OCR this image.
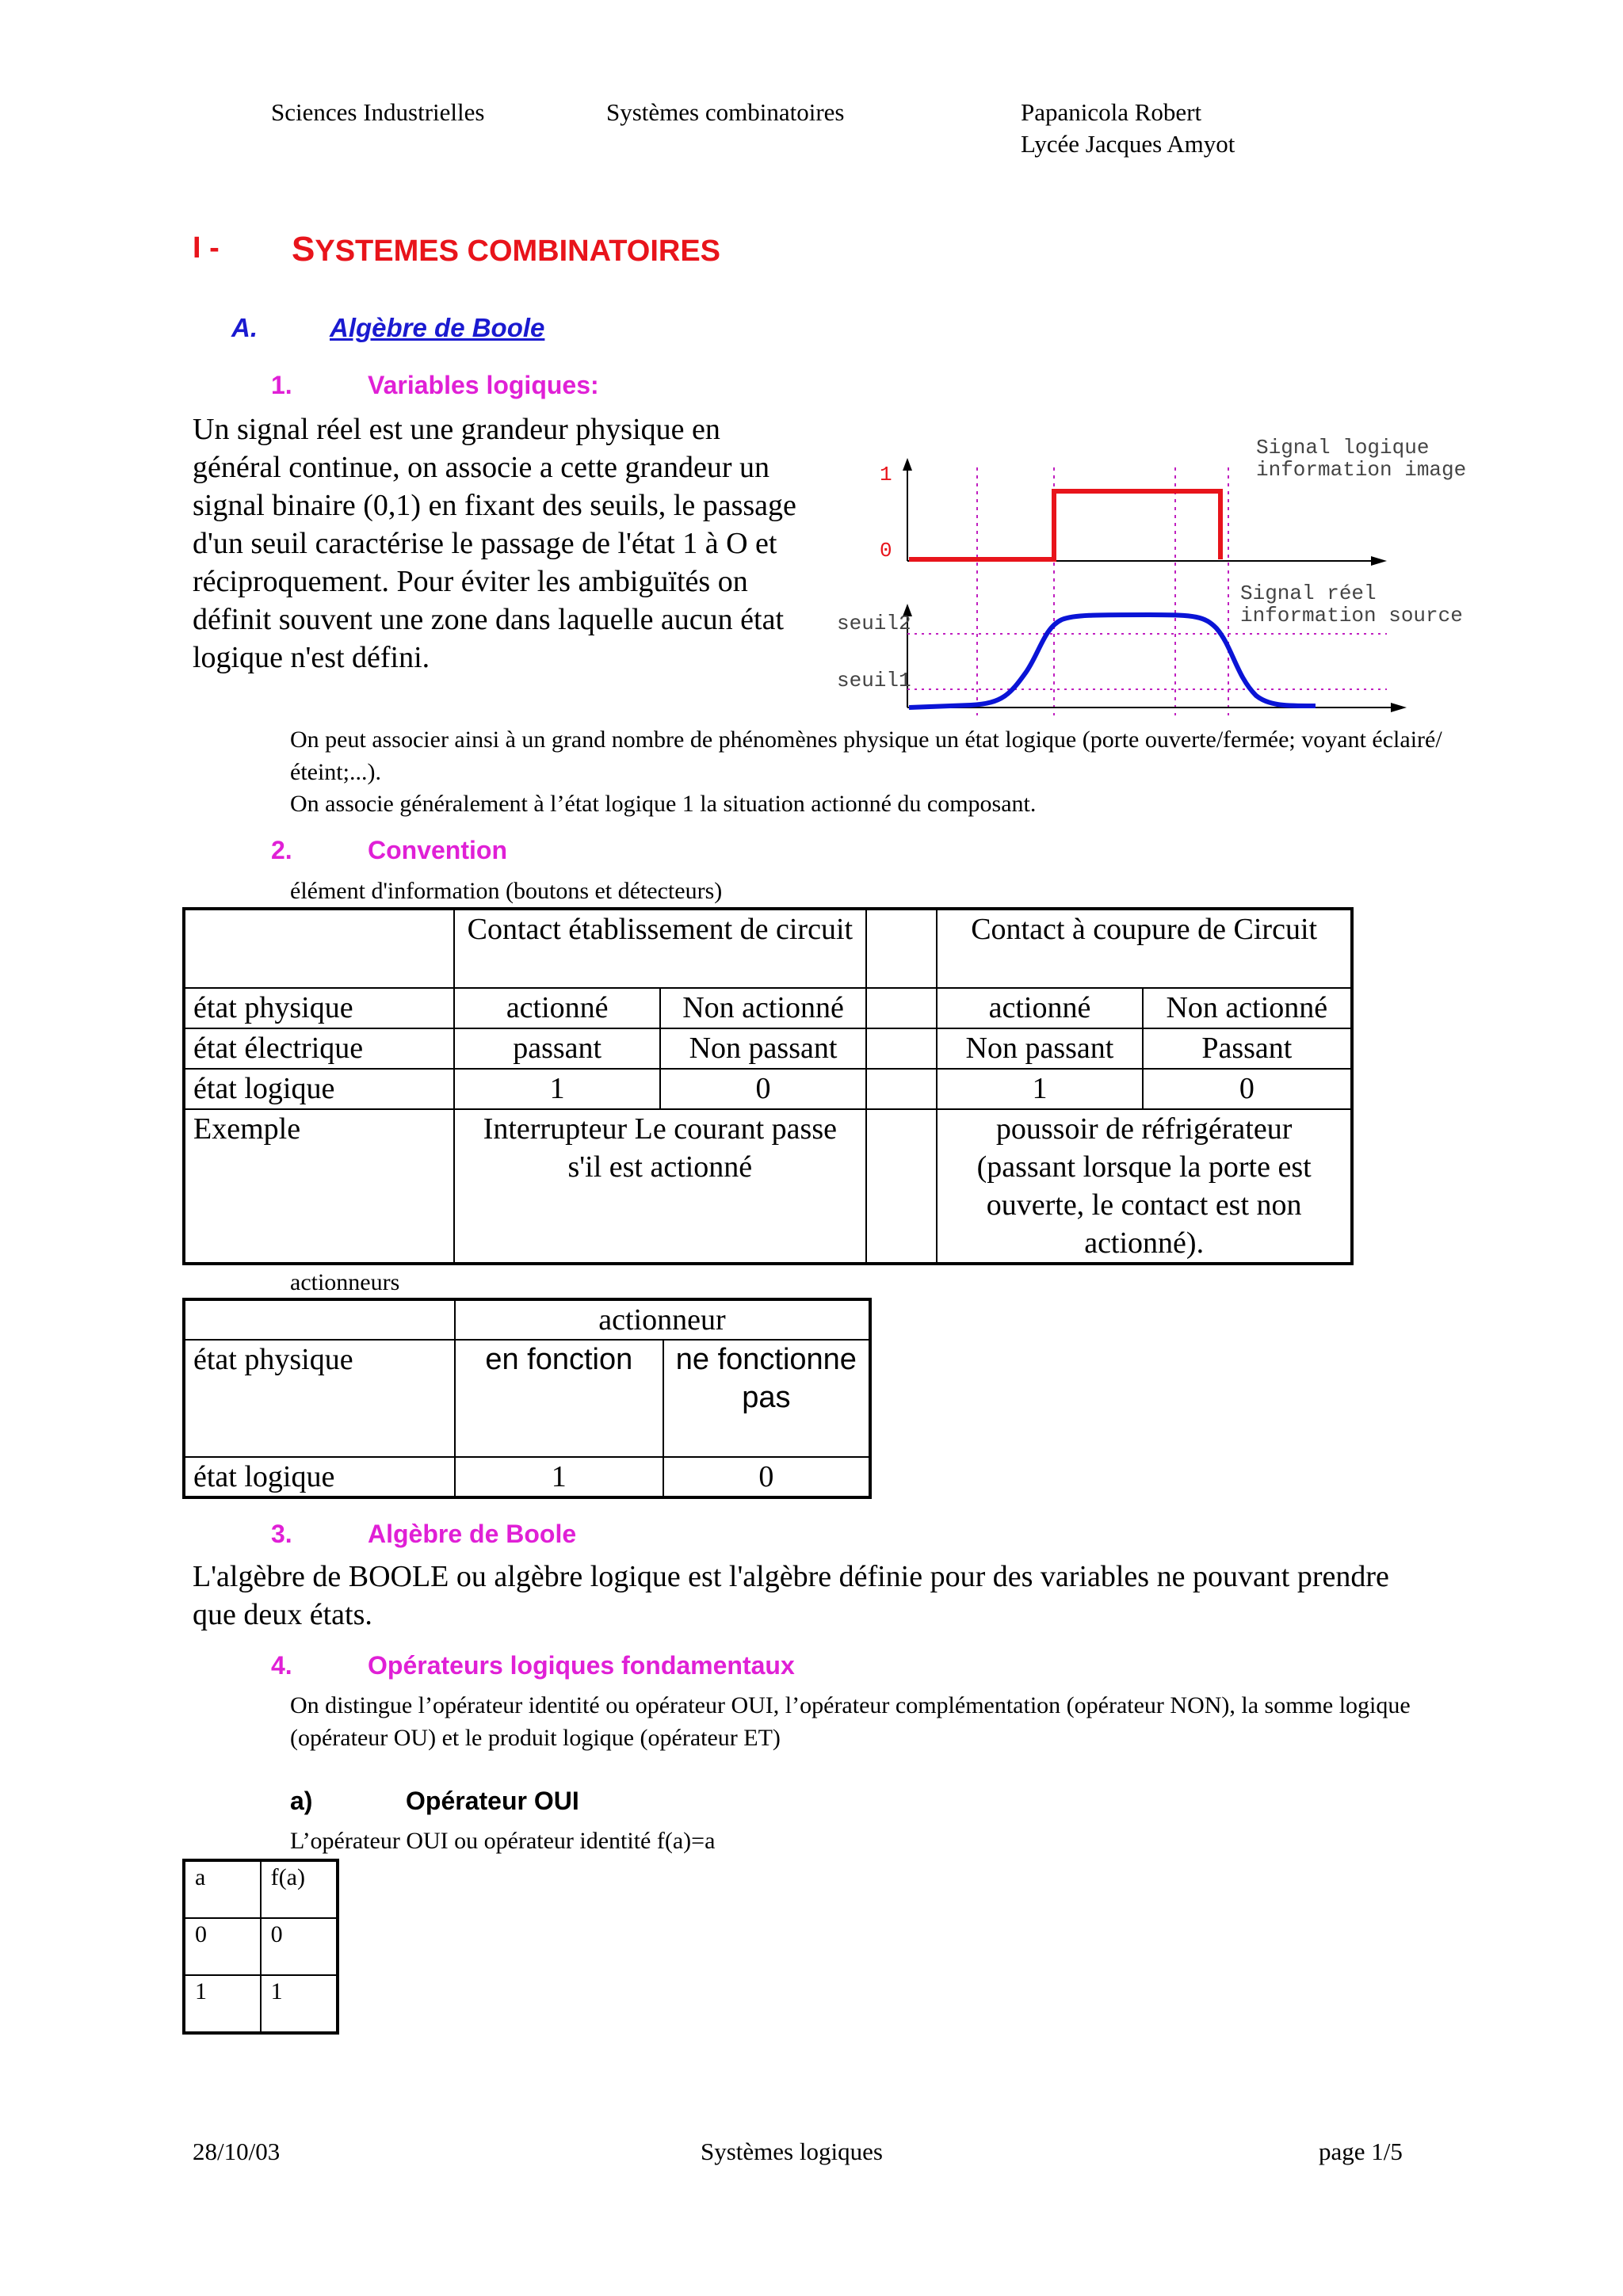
Sciences Industrielles	Systèmes combinatoires	Papanicola Robert
Lycée Jacques Amyot
I - SYSTEMES COMBINATOIRES
A.	Algèbre de Boole
1.	Variables logiques:
Un signal réel est une grandeur physique en général continue, on associe a cette grandeur un signal binaire (0,1) en fixant des seuils, le passage d'un seuil caractérise le passage de l'état 1 à O et réciproquement. Pour éviter les ambiguïtés on définit souvent une zone dans laquelle aucun état logique n'est défini.
1
0
Signal logique
information image
seuil2
seuil1
Signal réel
information source
On peut associer ainsi à un grand nombre de phénomènes physique un état logique (porte ouverte/fermée; voyant éclairé/éteint;...).
On associe généralement à l’état logique 1 la situation actionné du composant.
2.	Convention
élément d'information (boutons et détecteurs)
	Contact établissement de circuit			Contact à coupure de Circuit	
état physique	actionné	Non actionné		actionné	Non actionné
état électrique	passant	Non passant		Non passant	Passant
état logique	1	0		1	0
Exemple	Interrupteur Le courant passe s'il est actionné			poussoir de réfrigérateur (passant lorsque la porte est ouverte, le contact est non actionné).	
actionneurs
	actionneur	
état physique	en fonction	ne fonctionne pas
état logique	1	0
3.	Algèbre de Boole
L'algèbre de BOOLE ou algèbre logique est l'algèbre définie pour des variables ne pouvant prendre que deux états.
4.	Opérateurs logiques fondamentaux
On distingue l’opérateur identité ou opérateur OUI, l’opérateur complémentation (opérateur NON), la somme logique (opérateur OU) et le produit logique (opérateur ET)
a)	Opérateur OUI
L’opérateur OUI ou opérateur identité f(a)=a
a	f(a)
0	0
1	1
28/10/03	Systèmes logiques	page 1/5
